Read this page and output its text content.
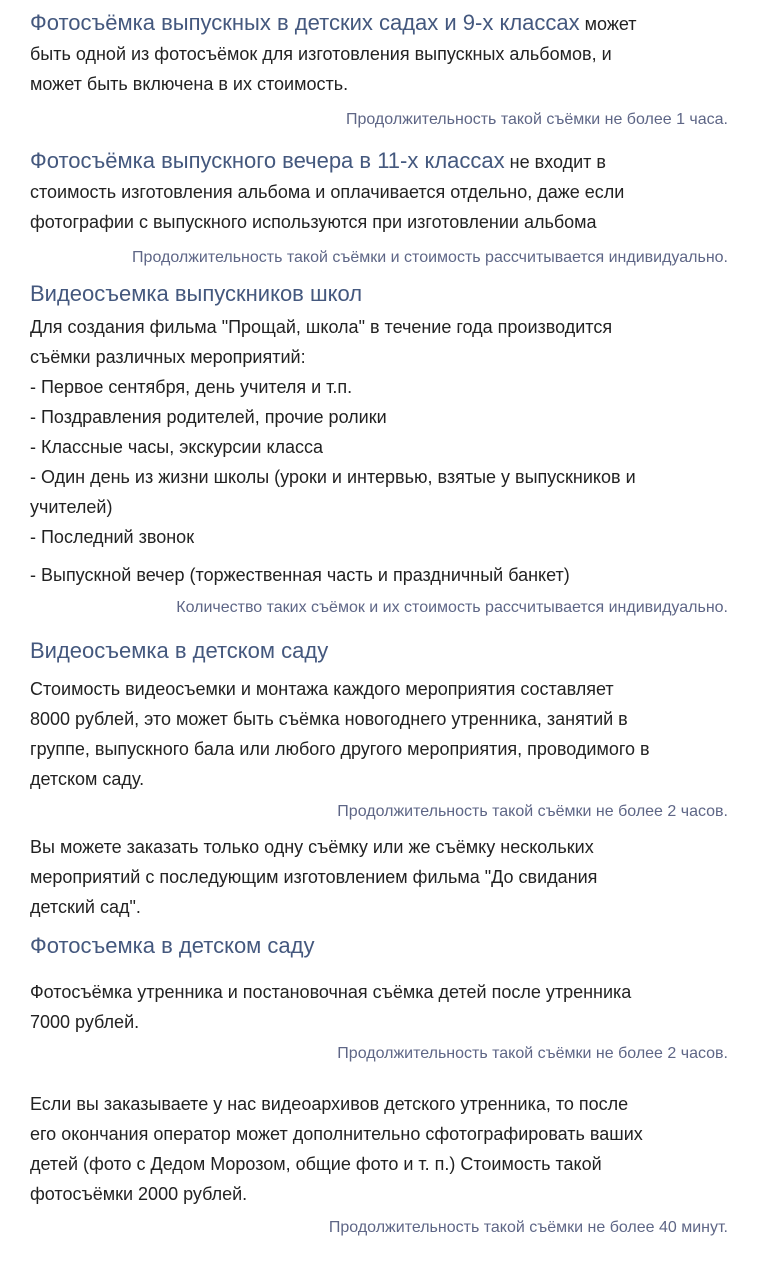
Фотосъёмка выпускных в детских садах и 9-х классах может
быть одной из фотосъёмок для изготовления выпускных альбомов, и
может быть включена в их стоимость.
Продолжительность такой съёмки не более 1 часа.
Фотосъёмка выпускного вечера в 11-х классах не входит в
стоимость изготовления альбома и оплачивается отдельно, даже если
фотографии с выпускного используются при изготовлении альбома
Продолжительность такой съёмки и стоимость рассчитывается индивидуально.
Видеосъемка выпускников школ
Для создания фильма "Прощай, школа" в течение года производится
съёмки различных мероприятий:
- Первое сентября, день учителя и т.п.
- Поздравления родителей, прочие ролики
- Классные часы, экскурсии класса
- Один день из жизни школы (уроки и интервью, взятые у выпускников и
учителей)
- Последний звонок
- Выпускной вечер (торжественная часть и праздничный банкет)
Количество таких съёмок и их стоимость рассчитывается индивидуально.
Видеосъемка в детском саду
Стоимость видеосъемки и монтажа каждого мероприятия составляет
8000 рублей, это может быть съёмка новогоднего утренника, занятий в
группе, выпускного бала или любого другого мероприятия, проводимого в
детском саду.
Продолжительность такой съёмки не более 2 часов.
Вы можете заказать только одну съёмку или же съёмку нескольких
мероприятий с последующим изготовлением фильма "До свидания
детский сад".
Фотосъемка в детском саду
Фотосъёмка утренника и постановочная съёмка детей после утренника
7000 рублей.
Продолжительность такой съёмки не более 2 часов.
Если вы заказываете у нас видеоархивов детского утренника, то после
его окончания оператор может дополнительно сфотографировать ваших
детей (фото с Дедом Морозом, общие фото и т. п.) Стоимость такой
фотосъёмки 2000 рублей.
Продолжительность такой съёмки не более 40 минут.
